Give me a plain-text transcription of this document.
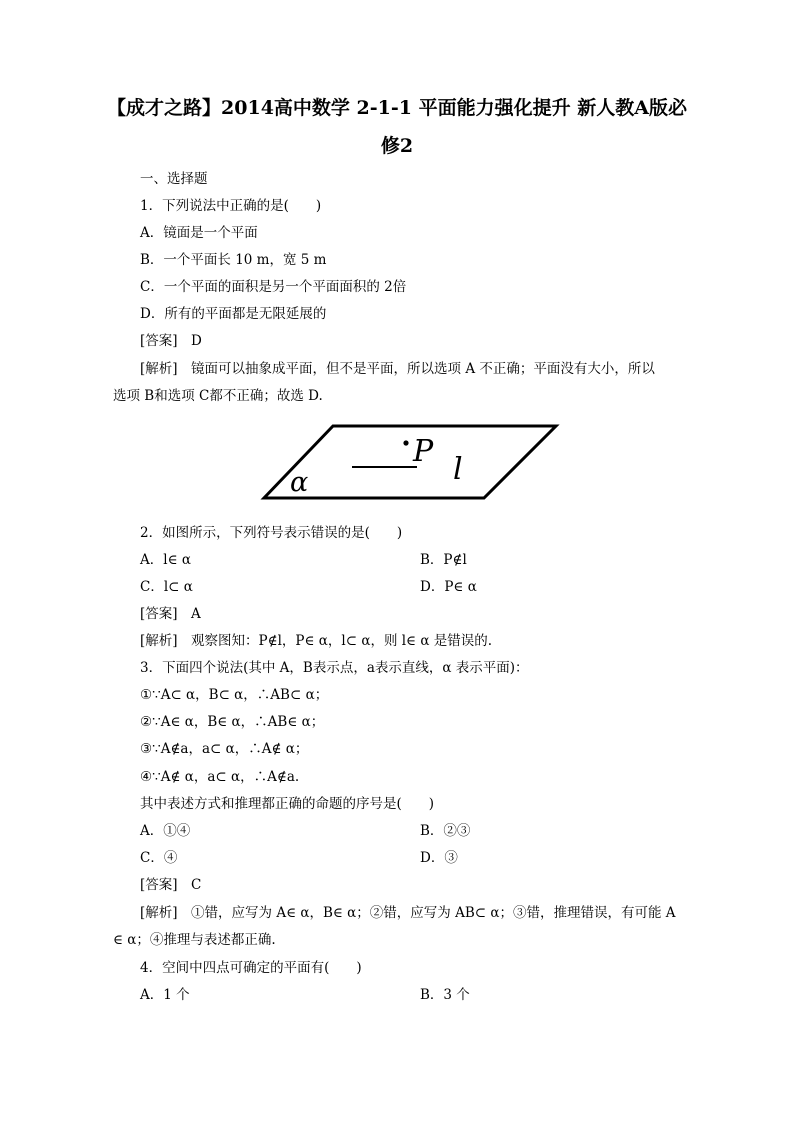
【成才之路】2014高中数学 2-1-1 平面能力强化提升 新人教A版必
修2
一、选择题
1．下列说法中正确的是(　　)
A．镜面是一个平面
B．一个平面长 10 m，宽 5 m
C．一个平面的面积是另一个平面面积的 2倍
D．所有的平面都是无限延展的
[答案]　D
[解析]　镜面可以抽象成平面，但不是平面，所以选项 A 不正确；平面没有大小，所以
选项 B和选项 C都不正确；故选 D.
P
l
α
2．如图所示，下列符号表示错误的是(　　)
A．l∈ α	B．P∉l
C．l⊂ α	D．P∈ α
[答案]　A
[解析]　观察图知：P∉l，P∈ α，l⊂ α，则 l∈ α 是错误的.
3．下面四个说法(其中 A，B表示点，a表示直线，α 表示平面)：
①∵A⊂ α，B⊂ α，∴AB⊂ α；
②∵A∈ α，B∈ α，∴AB∈ α；
③∵A∉a，a⊂ α，∴A∉ α；
④∵A∉ α，a⊂ α，∴A∉a.
其中表述方式和推理都正确的命题的序号是(　　)
A．①④	B．②③
C．④	D．③
[答案]　C
[解析]　①错，应写为 A∈ α，B∈ α；②错，应写为 AB⊂ α；③错，推理错误，有可能 A
∈ α；④推理与表述都正确.
4．空间中四点可确定的平面有(　　)
A．1 个	B．3 个
